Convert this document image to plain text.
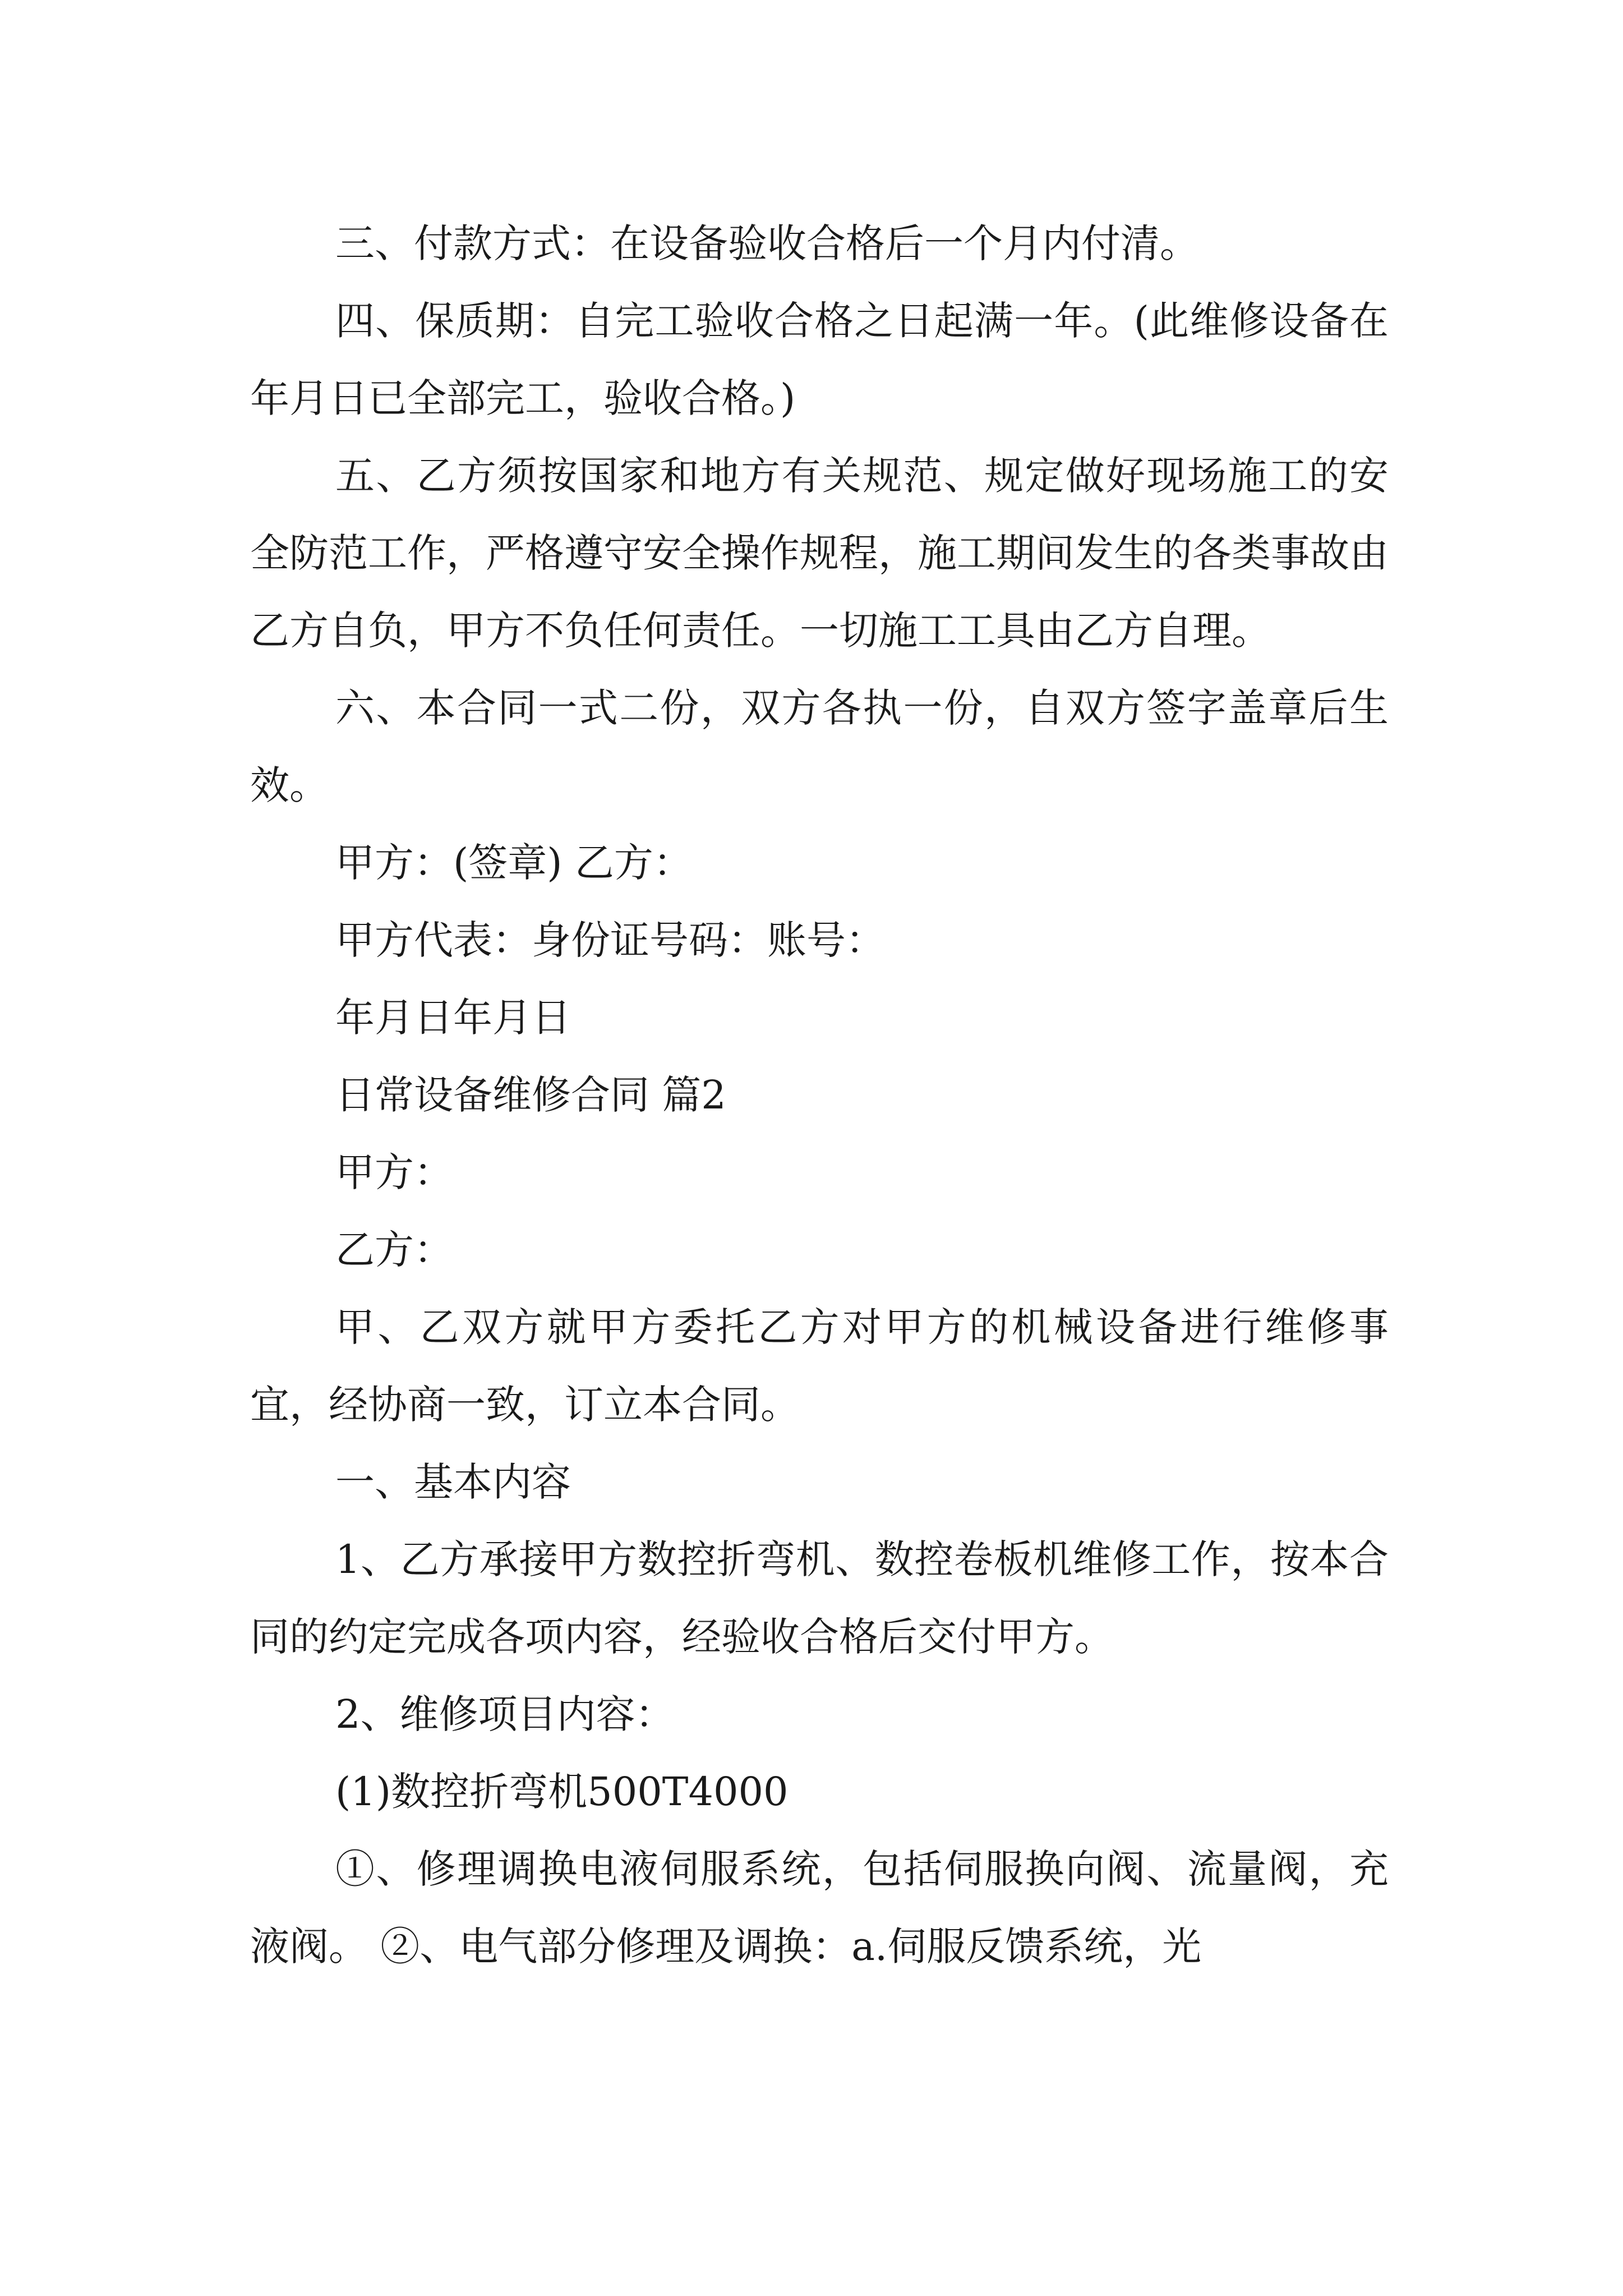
三、付款方式：在设备验收合格后一个月内付清。

四、保质期：自完工验收合格之日起满一年。(此维修设备在年月日已全部完工，验收合格。)

五、乙方须按国家和地方有关规范、规定做好现场施工的安全防范工作，严格遵守安全操作规程，施工期间发生的各类事故由乙方自负，甲方不负任何责任。一切施工工具由乙方自理。

六、本合同一式二份，双方各执一份，自双方签字盖章后生效。

甲方：(签章) 乙方：

甲方代表：身份证号码：账号：

年月日年月日

日常设备维修合同 篇2

甲方：

乙方：

甲、乙双方就甲方委托乙方对甲方的机械设备进行维修事宜，经协商一致，订立本合同。

一、基本内容

1、乙方承接甲方数控折弯机、数控卷板机维修工作，按本合同的约定完成各项内容，经验收合格后交付甲方。

2、维修项目内容：

(1)数控折弯机500T4000

①、修理调换电液伺服系统，包括伺服换向阀、流量阀，充液阀。 ②、电气部分修理及调换：a.伺服反馈系统，光
